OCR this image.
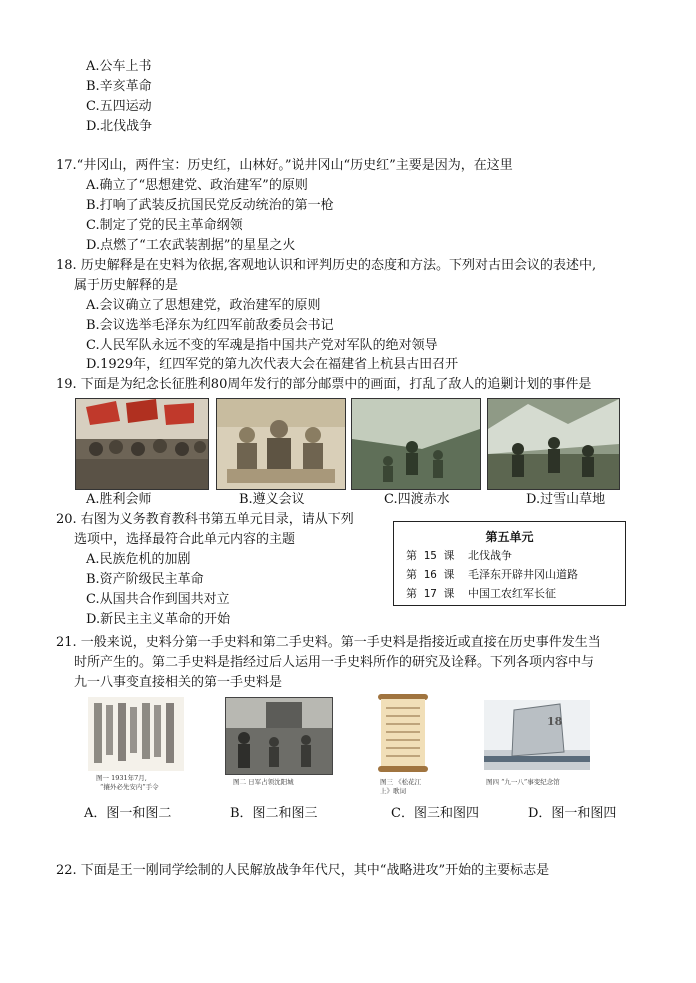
A.公车上书
B.辛亥革命
C.五四运动
D.北伐战争
17.“井冈山，两件宝：历史红，山林好。”说井冈山“历史红”主要是因为，在这里
A.确立了“思想建党、政治建军”的原则
B.打响了武装反抗国民党反动统治的第一枪
C.制定了党的民主革命纲领
D.点燃了“工农武装割据”的星星之火
18. 历史解释是在史料为依据,客观地认识和评判历史的态度和方法。下列对古田会议的表述中,
属于历史解释的是
A.会议确立了思想建党，政治建军的原则
B.会议选举毛泽东为红四军前敌委员会书记
C.人民军队永远不变的军魂是指中国共产党对军队的绝对领导
D.1929年，红四军党的第九次代表大会在福建省上杭县古田召开
19. 下面是为纪念长征胜利80周年发行的部分邮票中的画面，打乱了敌人的追剿计划的事件是
A.胜利会师	B.遵义会议	C.四渡赤水	D.过雪山草地
20. 右图为义务教育教科书第五单元目录，请从下列
选项中，选择最符合此单元内容的主题
A.民族危机的加剧
B.资产阶级民主革命
C.从国共合作到国共对立
D.新民主主义革命的开始
第五单元
第 15 课 北伐战争
第 16 课 毛泽东开辟井冈山道路
第 17 课 中国工农红军长征
21. 一般来说，史料分第一手史料和第二手史料。第一手史料是指接近或直接在历史事件发生当
时所产生的。第二手史料是指经过后人运用一手史料所作的研究及诠释。下列各项内容中与
九一八事变直接相关的第一手史料是
图一 1931年7月,
“攘外必先安内”手令
图二 日军占领沈阳城	图三 《松花江
上》歌词
18
图四 “九一八”事变纪念馆
A．图一和图二	B．图二和图三	C．图三和图四	D．图一和图四
22. 下面是王一刚同学绘制的人民解放战争年代尺，其中“战略进攻”开始的主要标志是
